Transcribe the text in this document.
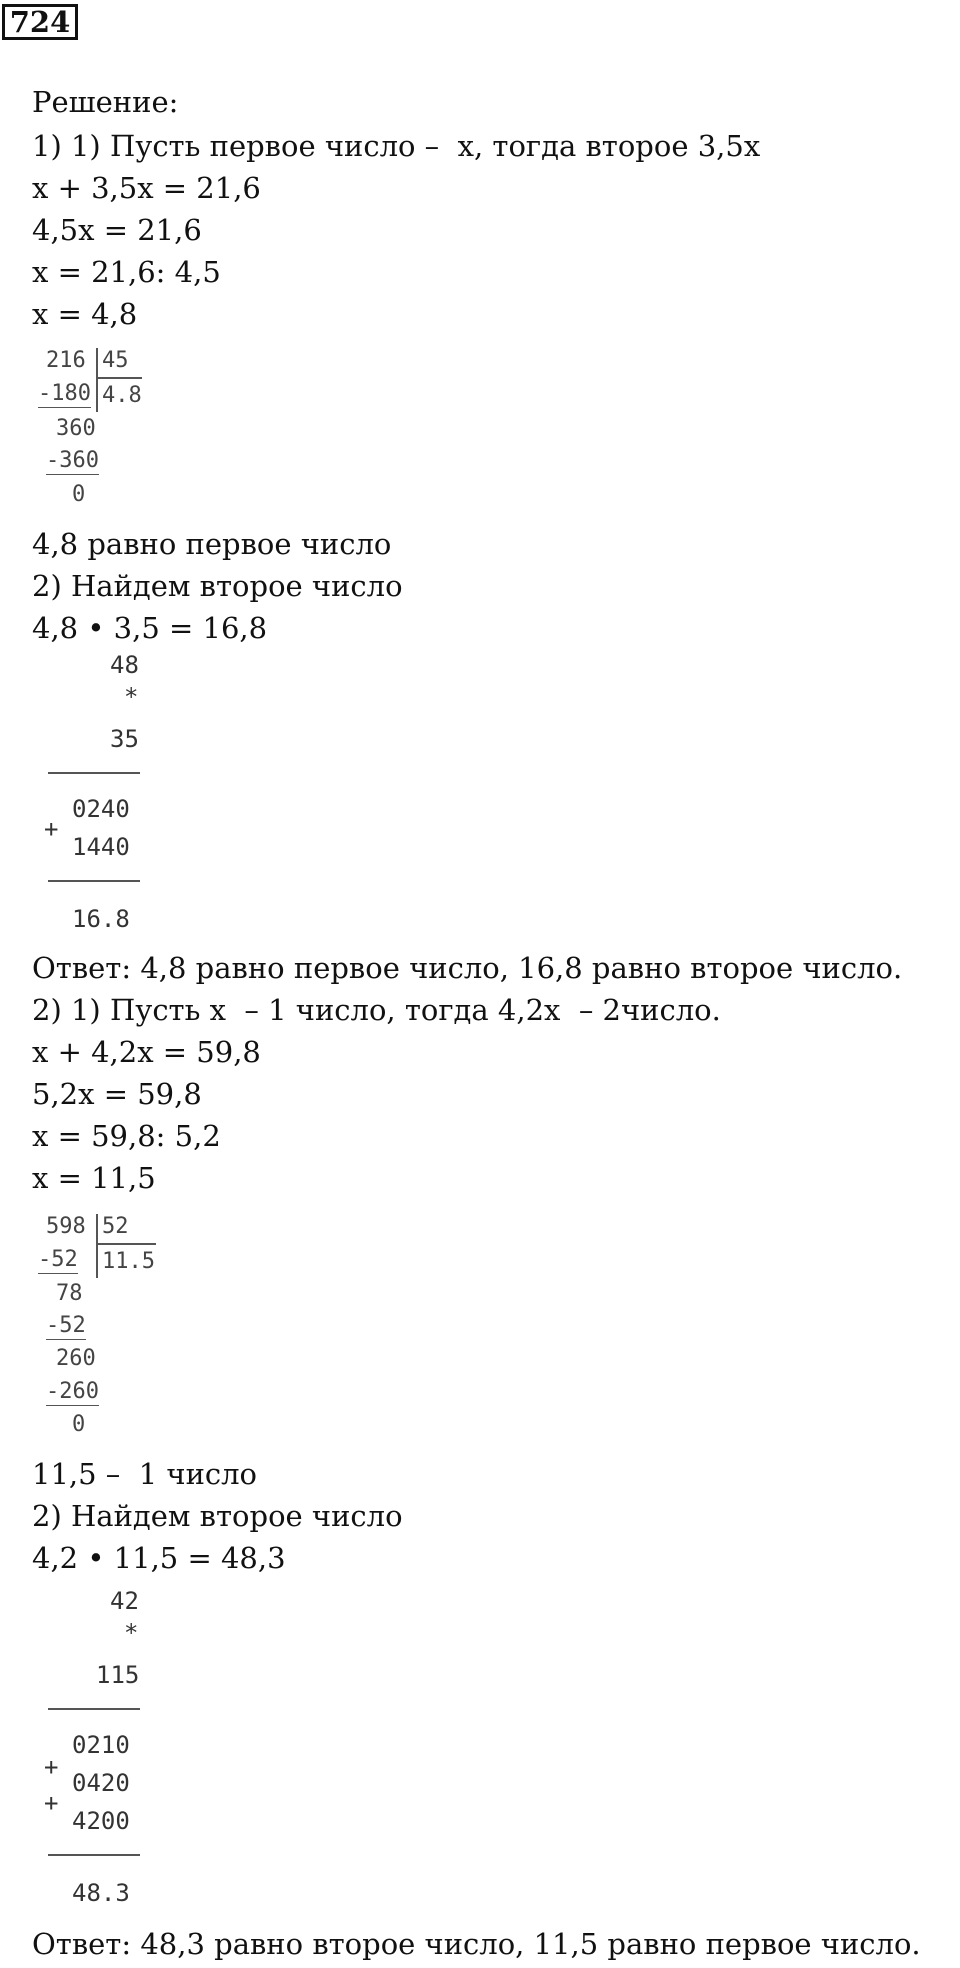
724
Решение:
1) 1) Пусть первое число –  x, тогда второе 3,5x
x + 3,5x = 21,6
4,5x = 21,6
x = 21,6: 4,5
x = 4,8
216 45
-180 4.8
360
-360
0
4,8 равно первое число
2) Найдем второе число
4,8 • 3,5 = 16,8
48
*
35
0240
+
1440
16.8
Ответ: 4,8 равно первое число, 16,8 равно второе число.
2) 1) Пусть x  – 1 число, тогда 4,2x  – 2число.
x + 4,2x = 59,8
5,2x = 59,8
x = 59,8: 5,2
x = 11,5
598 52
-52 11.5
78
-52
260
-260
0
11,5 –  1 число
2) Найдем второе число
4,2 • 11,5 = 48,3
42
*
115
0210
+
0420
+
4200
48.3
Ответ: 48,3 равно второе число, 11,5 равно первое число.
